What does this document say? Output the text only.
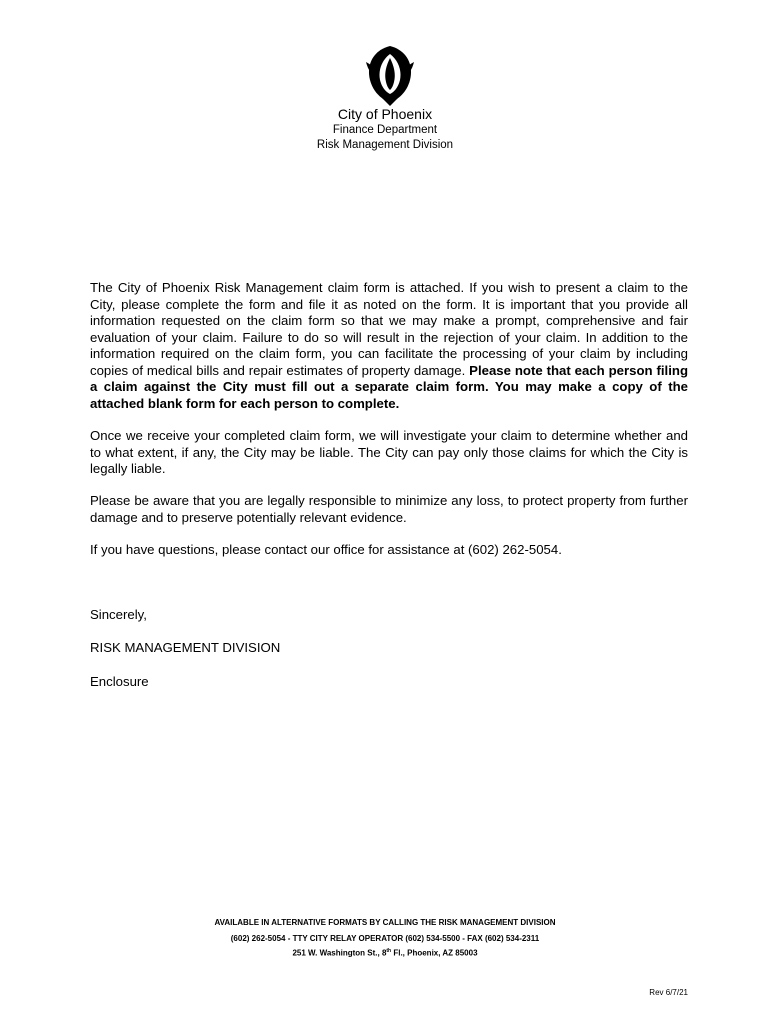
City of Phoenix
Finance Department
Risk Management Division
The City of Phoenix Risk Management claim form is attached. If you wish to present a claim to the City, please complete the form and file it as noted on the form. It is important that you provide all information requested on the claim form so that we may make a prompt, comprehensive and fair evaluation of your claim. Failure to do so will result in the rejection of your claim. In addition to the information required on the claim form, you can facilitate the processing of your claim by including copies of medical bills and repair estimates of property damage. Please note that each person filing a claim against the City must fill out a separate claim form. You may make a copy of the attached blank form for each person to complete.
Once we receive your completed claim form, we will investigate your claim to determine whether and to what extent, if any, the City may be liable. The City can pay only those claims for which the City is legally liable.
Please be aware that you are legally responsible to minimize any loss, to protect property from further damage and to preserve potentially relevant evidence.
If you have questions, please contact our office for assistance at (602) 262-5054.
Sincerely,
RISK MANAGEMENT DIVISION
Enclosure
AVAILABLE IN ALTERNATIVE FORMATS BY CALLING THE RISK MANAGEMENT DIVISION
(602) 262-5054 - TTY CITY RELAY OPERATOR (602) 534-5500 - FAX (602) 534-2311
251 W. Washington St., 8th Fl., Phoenix, AZ 85003
Rev 6/7/21
